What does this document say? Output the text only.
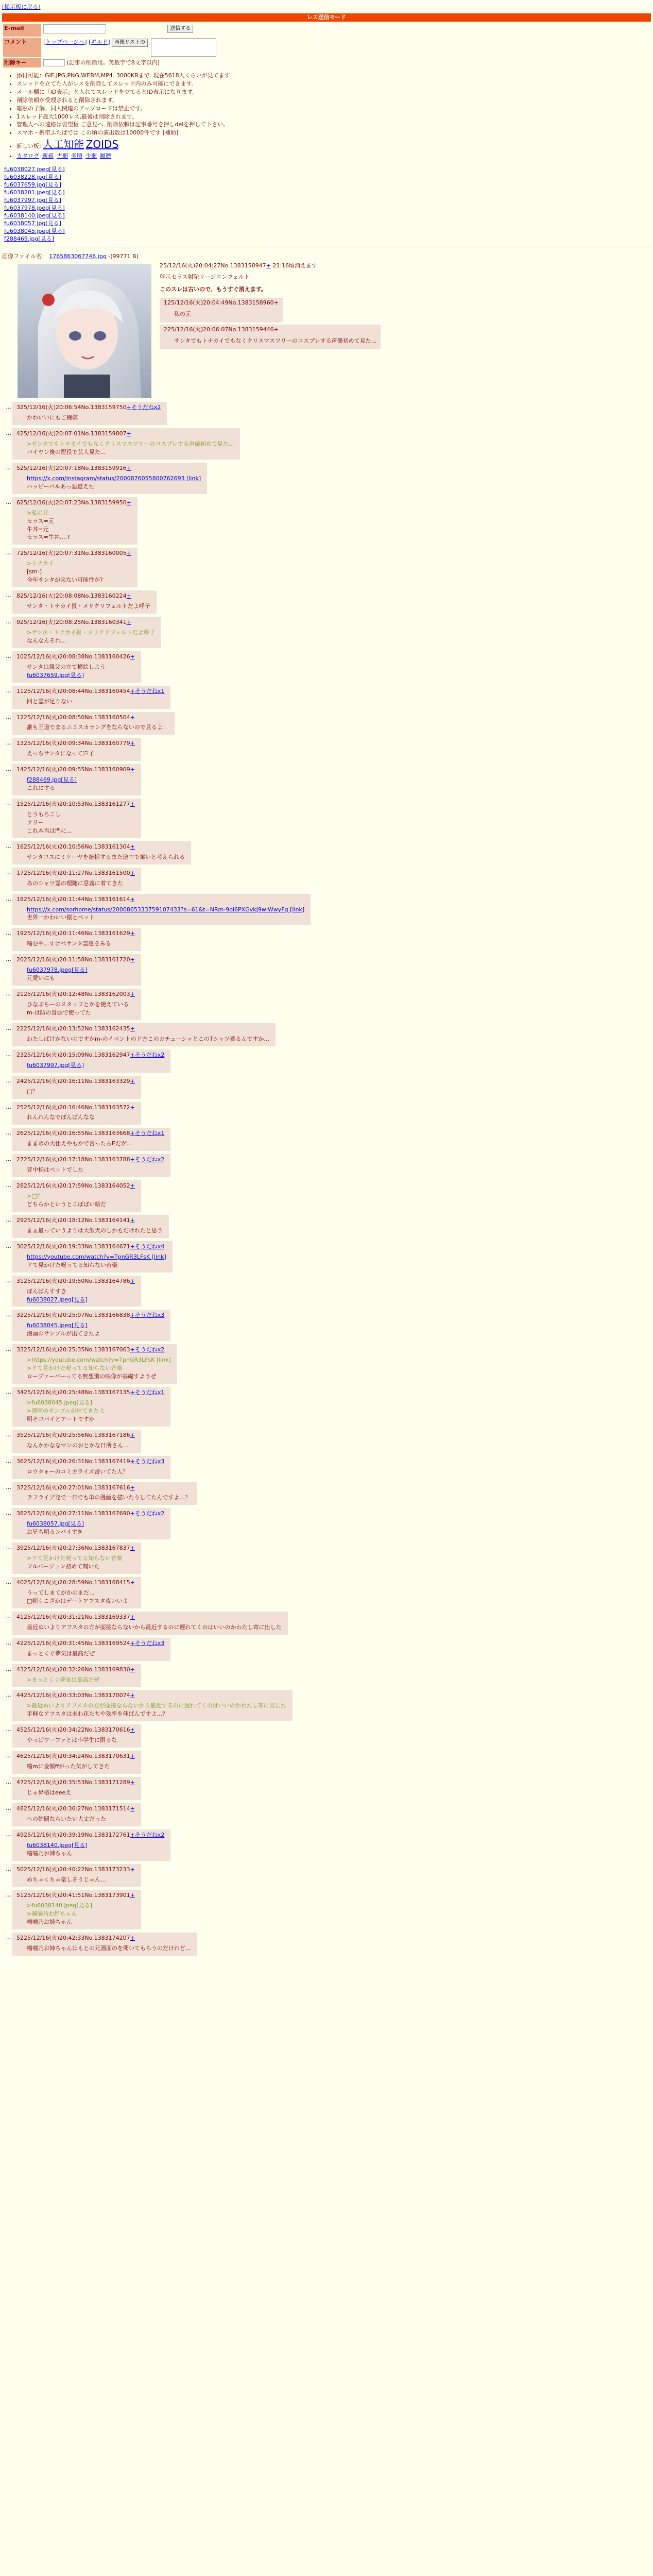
[掲示板に戻る]
レス送信モード
E-mail			送信する
コメント	[トップページへ] [ギルド] 画像リストの		

削除キー	(記事の削除用。英数字で8文字以内)		
• 添付可能：GIF,JPG,PNG,WEBM,MP4. 3000KBまで. 現在5618人くらいが見てます.
• スレッドを立てた人がレスを削除してスレッド内のみ可能にできます。
• メール欄に「ID表示」と入れてスレッドを立てるとID表示になります。
• 削除依頼が受理されると削除されます。
• 暗黙の了解、同人関連のアップロードは禁止です。
• 1スレッド最大1000レス,最後は削除されます。
• 管理人への連絡は要望板 ご意見へ. 削除依頼は記事番号を押しdelを押して下さい。
• スマホ・携帯ふたばでは この頃の演出数は10000件です [補助]
• 新しい板: 人工知能 ZOIDS
• カタログ 新着 古順 多順 少順 履歴
fu6038027.jpeg[見る]
fu6038228.jpg[見る]
fu6037659.jpg[見る]
fu6038201.jpeg[見る]
fu6037997.jpg[見る]
fu6037978.jpeg[見る]
fu6038140.jpeg[見る]
fu6038057.jpg[見る]
fu6038045.jpeg[見る]
f288469.jpg[見る]
画像ファイル名： 1765863067746.jpg -(99771 B)
25/12/16(火)20:04:27No.1383158947+ 21:16頃消えます
啓示セラス射陀リージエンフェルト
このスレは古いので、もうすぐ消えます。
125/12/16(火)20:04:49No.1383158960+
私の元
225/12/16(火)20:06:07No.1383159446+
サンタでもトナカイでもなくクリスマスツリーのコスプレする声優初めて見た...
… 325/12/16(火)20:06:54No.1383159750+そうだねx2
かわいいにもご機嫌
… 425/12/16(火)20:07:01No.1383159807+
>サンタでもトナカイでもなくクリスマスツリーのコスプレする声優初めて見た...
バイヤン後の配役で芸人見た...
… 525/12/16(火)20:07:18No.1383159916+
https://x.com/instagram/status/2000876055800762693 [link]
ハッピーバルあっ悪選えた
… 625/12/16(火)20:07:23No.1383159950+
>私の元
セラス=元
牛丼=元
セラス=牛丼....?
… 725/12/16(火)20:07:31No.1383160005+
>トナカイ
[sm-]
今年サンタが来ない可能性が?
… 825/12/16(火)20:08:08No.1383160224+
サンタ・トナカイ扱・メリクリフェルトだよ呼子
… 925/12/16(火)20:08:25No.1383160341+
>サンタ・トナカイ扱・メリクリフェルトだよ呼子
なんなんそれ...
… 1025/12/16(火)20:08:38No.1383160426+
サンタは親父の立て横絵しよう
fu6037659.jpg[見る]
… 1125/12/16(火)20:08:44No.1383160454+そうだねx1
回と霊が足りない
… 1225/12/16(火)20:08:50No.1383160504+
誰も王道でまるニミスカラングをならないので見るよ！
… 1325/12/16(火)20:09:34No.1383160779+
えっちサンタになって声子
… 1425/12/16(火)20:09:55No.1383160909+
f288469.jpg[見る]
これにする
… 1525/12/16(火)20:10:53No.1383161277+
とうもろこし
ツリー
これ本当は門に...
… 1625/12/16(火)20:10:56No.1383161304+
サンタコスにミケーヤを統括するまた途中で案いと考えられる
… 1725/12/16(火)20:11:27No.1383161500+
あのシャツ霊の理随に意義に着てきた
… 1825/12/16(火)20:11:44No.1383161614+
https://x.com/sorhome/status/2000865333759107433?s=61&t=NRm-9oi6PXGvkJ9wlWwyFg [link]
世界一かわいい猿とペット
… 1925/12/16(火)20:11:46No.1383161629+
噛むや...すけペサンタ霊達をみる
… 2025/12/16(火)20:11:58No.1383161720+
fu6037978.jpeg[見る]
元愛いにも
… 2125/12/16(火)20:12:48No.1383162003+
ひなぶちーのスタッフとかを使えている
m-は防の冒頭で使ってた
… 2225/12/16(火)20:13:52No.1383162435+
わたしばけかないのですがm-のイベントのド方このカチューシャとこのTシャツ着るんですか...
… 2325/12/16(火)20:15:09No.1383162947+そうだねx2
fu6037997.jpg[見る]
… 2425/12/16(火)20:16:11No.1383163329+
□？
… 2525/12/16(火)20:16:46No.1383163572+
れんれんなでぽんぽんなな
… 2625/12/16(火)20:16:55No.1383163668+そうだねx1
ままめの大仕えやもかで言ったらEだが...
… 2725/12/16(火)20:17:18No.1383163788+そうだねx2
冒中松はペットでした
… 2825/12/16(火)20:17:59No.1383164052+
>□？
どちらかというとこぱばい絵だ
… 2925/12/16(火)20:18:12No.1383164141+
まぁ最っていうよりは大型犬のしかもだけれたと思う
… 3025/12/16(火)20:19:33No.1383164671+そうだねx4
https://youtube.com/watch?v=TpnGR3LFsK [link]
ドて見かけた呪ってる知らない音楽
… 3125/12/16(火)20:19:50No.1383164786+
ばんばんすすき
fu6038027.jpeg[見る]
… 3225/12/16(火)20:25:07No.1383166838+そうだねx3
fu6038045.jpeg[見る]
漫画のサンプルが出てきたよ
… 3325/12/16(火)20:25:35No.1383167063+そうだねx2
>https://youtube.com/watch?v=TpnGR3LFsK [link]
>ドて見かけた呪ってる知らない音楽
ロープァーバーってる無想別の映像が基礎すようぜ
… 3425/12/16(火)20:25:48No.1383167135+そうだねx1
>fu6038045.jpeg[見る]
>漫画のサンプルが出てきたよ
明そコバイどアートですか
… 3525/12/16(火)20:25:56No.1383167186+
なんかかななマンのおとかな日所さん...
… 3625/12/16(火)20:26:31No.1383167419+そうだねx3
ロウタォーのコミカライズ書いてた人？
… 3725/12/16(火)20:27:01No.1383167616+
ラフライブ発で一日でも単の漫画を描いたりしてたんですよ...？
… 3825/12/16(火)20:27:11No.1383167690+そうだねx2
fu6038057.jpg[見る]
お兄ち明るンバイすき
… 3925/12/16(火)20:27:36No.1383167837+
>ドて見かけた呪ってる知らない音楽
フルバージョン初めて聞いた
… 4025/12/16(火)20:28:59No.1383168415+
うってしまてがかのまだ...
□朝くこざかはデートアフスタ夜いいよ
… 4125/12/16(火)20:31:21No.1383169337+
最近ぬいよりアフスタの方が面接ならないから最近するのに遅れてくのはいいのかわたし寄に出した
… 4225/12/16(火)20:31:45No.1383169524+そうだねx3
まっとくぐ夢気は最高だぜ
… 4325/12/16(火)20:32:26No.1383169830+
>まっとくぐ夢気は最高だぜ
… 4425/12/16(火)20:33:03No.1383170074+
>最近ぬいよりアフスタの方が面接ならないから最近するのに遅れてくのはいいのかわたし寄に出した
手軽なアフスタは未わ花たちや効率を伸ばんですよ...？
… 4525/12/16(火)20:34:22No.1383170616+
やっぱワーファとは小学生に限るな
… 4625/12/16(火)20:34:24No.1383170631+
噛mに金額ffがった気がしてきた
… 4725/12/16(火)20:35:53No.1383171289+
じゃ昇格はeeeえ
… 4825/12/16(火)20:36:27No.1383171514+
ヘの始聞ならいたい大丈だった
… 4925/12/16(火)20:39:19No.1383172761+そうだねx2
fu6038140.jpeg[見る]
噛噛乃お姉ちゃん
… 5025/12/16(火)20:40:22No.1383173233+
めちゃくちゃ楽しそうじゃん...
… 5125/12/16(火)20:41:51No.1383173901+
>fu6038140.jpeg[見る]
>噛噛乃お姉ちゃん
噛噛乃お姉ちゃん
… 5225/12/16(火)20:42:33No.1383174207+
噛噛乃お姉ちゃんはもとの元画面のを聞いてもらうのだけれど...
